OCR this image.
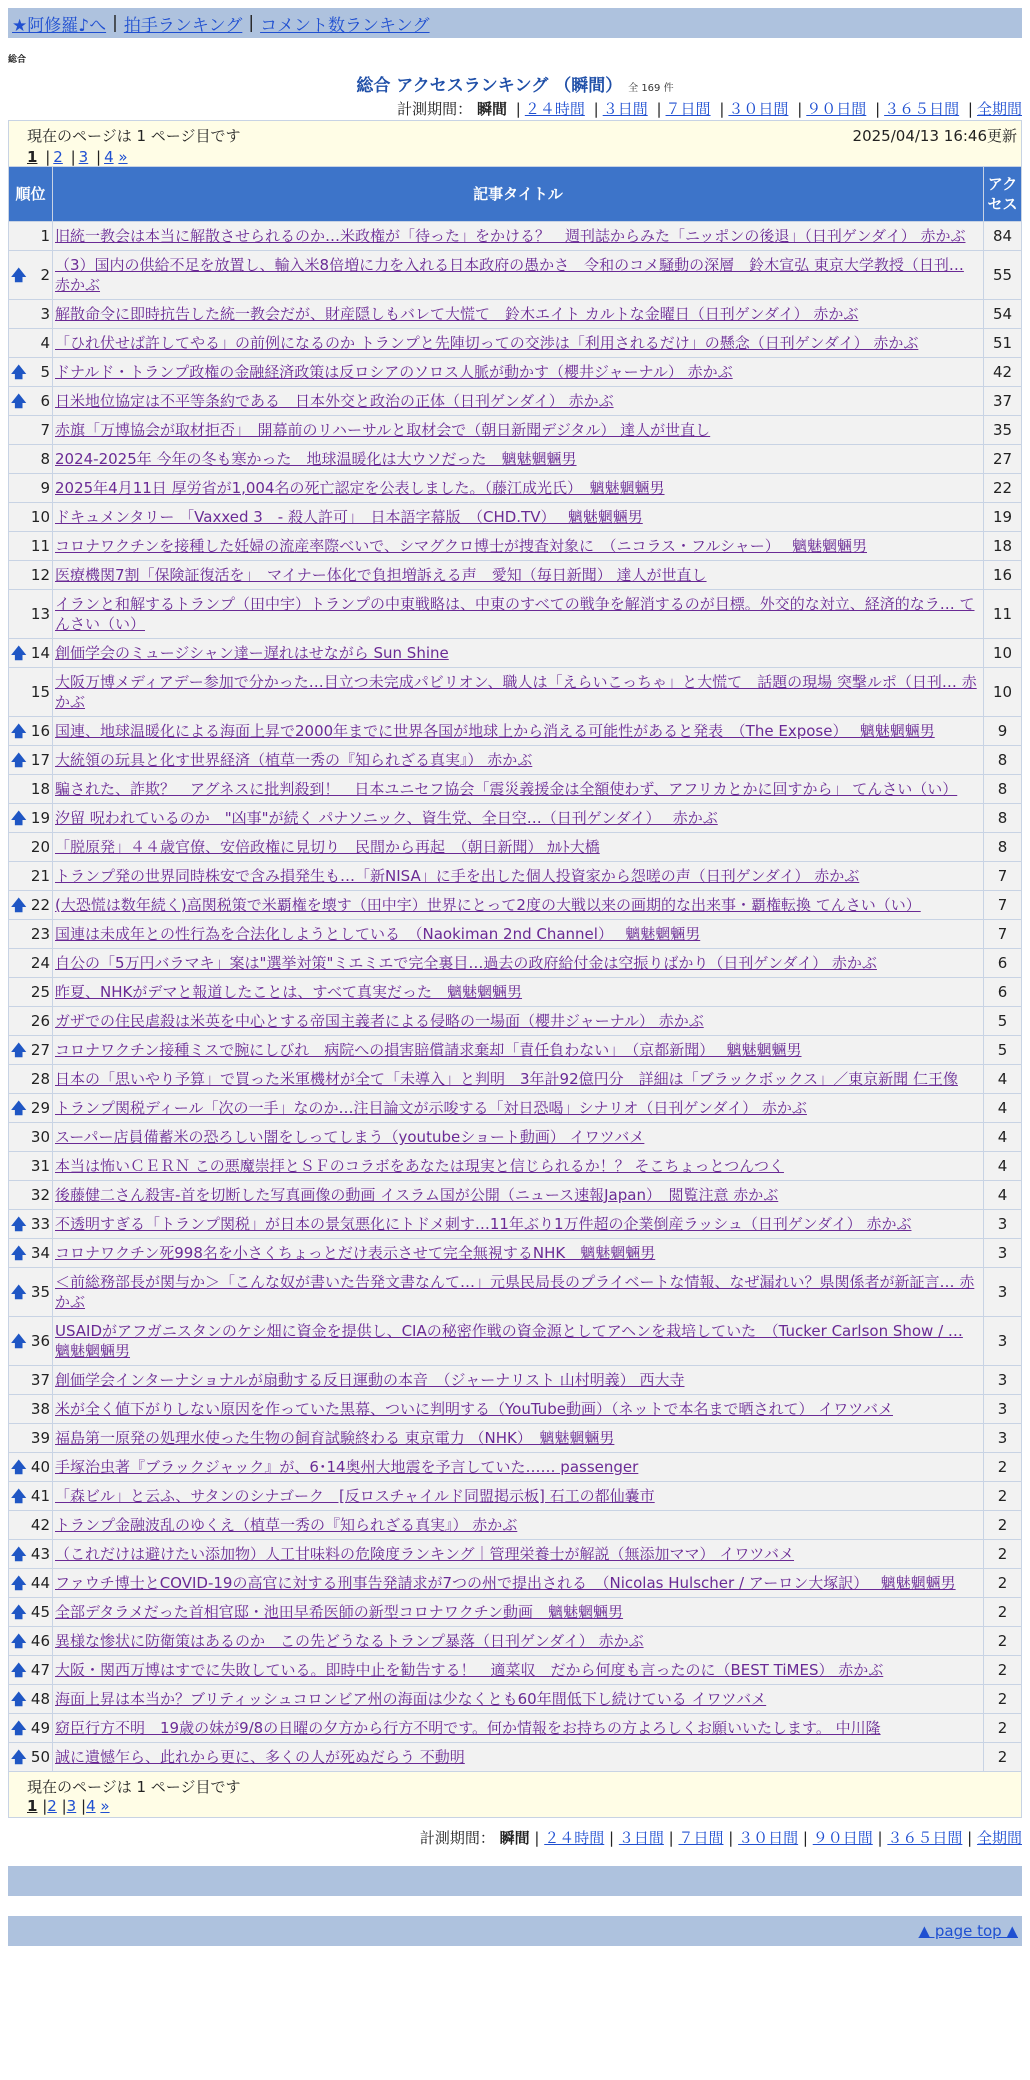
★阿修羅♪へ | 拍手ランキング | コメント数ランキング
総合
総合 アクセスランキング （瞬間） 全 169 件
計測期間： 瞬間 | ２４時間 | ３日間 | ７日間 | ３０日間 | ９０日間 | ３６５日間 | 全期間
現在のページは 1 ページ目です	2025/04/13 16:46更新
1 | 2 | 3 | 4 »
順位	記事タイトル	アクセス
1	旧統一教会は本当に解散させられるのか…米政権が「待った」をかける？　週刊誌からみた「ニッポンの後退」（日刊ゲンダイ） 赤かぶ	84

🡅 2	（3）国内の供給不足を放置し、輸入米8倍増に力を入れる日本政府の愚かさ　令和のコメ騒動の深層　鈴木宣弘 東京大学教授（日刊… 赤かぶ	55
3	解散命令に即時抗告した統一教会だが、財産隠しもバレて大慌て　鈴木エイト カルトな金曜日（日刊ゲンダイ） 赤かぶ	54
4	「ひれ伏せば許してやる」の前例になるのか トランプと先陣切っての交渉は「利用されるだけ」の懸念（日刊ゲンダイ） 赤かぶ	51

🡅 5	ドナルド・トランプ政権の金融経済政策は反ロシアのソロス人脈が動かす（櫻井ジャーナル） 赤かぶ	42

🡅 6	日米地位協定は不平等条約である　日本外交と政治の正体（日刊ゲンダイ） 赤かぶ	37
7	赤旗「万博協会が取材拒否」　開幕前のリハーサルと取材会で（朝日新聞デジタル） 達人が世直し	35
8	2024-2025年 今年の冬も寒かった　地球温暖化は大ウソだった　魑魅魍魎男	27
9	2025年4月11日 厚労省が1,004名の死亡認定を公表しました。（藤江成光氏）　魑魅魍魎男	22
10	ドキュメンタリー 「Vaxxed 3　- 殺人許可」　日本語字幕版　（CHD.TV）　 魑魅魍魎男	19
11	コロナワクチンを接種した妊婦の流産率際べいで、シマグクロ博士が捜査対象に　（ニコラス・フルシャー）　 魑魅魍魎男	18
12	医療機関7割「保険証復活を」　マイナー体化で負担増訴える声　愛知（毎日新聞） 達人が世直し	16
13	イランと和解するトランプ（田中宇）トランプの中東戦略は、中東のすべての戦争を解消するのが目標。外交的な対立、経済的なラ… てんさい（い）	11

🡅 14	創価学会のミュージシャン達ー遅れはせながら Sun Shine	10
15	大阪万博メディアデー参加で分かった…目立つ未完成パビリオン、職人は「えらいこっちゃ」と大慌て　話題の現場 突撃ルポ（日刊… 赤かぶ	10

🡅 16	国連、地球温暖化による海面上昇で2000年までに世界各国が地球上から消える可能性があると発表　（The Expose）　 魑魅魍魎男	9

🡅 17	大統領の玩具と化す世界経済（植草一秀の『知られざる真実』） 赤かぶ	8
18	騙された、詐欺？　アグネスに批判殺到！　日本ユニセフ協会「震災義援金は全額使わず、アフリカとかに回すから」 てんさい（い）	8

🡅 19	汐留 呪われているのか　"凶事"が続く パナソニック、資生党、全日空…（日刊ゲンダイ）　 赤かぶ	8
20	「脱原発」４４歳官僚、安倍政権に見切り　民間から再起　（朝日新聞） ｶﾙﾄ大橋	8
21	トランプ発の世界同時株安で含み損発生も…「新NISA」に手を出した個人投資家から怨嗟の声（日刊ゲンダイ） 赤かぶ	7

🡅 22	(大恐慌は数年続く)高関税策で米覇権を壊す（田中宇）世界にとって2度の大戦以来の画期的な出来事・覇権転換 てんさい（い）	7
23	国連は未成年との性行為を合法化しようとしている　（Naokiman 2nd Channel）　 魑魅魍魎男	7
24	自公の「5万円バラマキ」案は"選挙対策"ミエミエで完全裏目…過去の政府給付金は空振りばかり（日刊ゲンダイ） 赤かぶ	6
25	昨夏、NHKがデマと報道したことは、すべて真実だった　魑魅魍魎男	6
26	ガザでの住民虐殺は米英を中心とする帝国主義者による侵略の一場面（櫻井ジャーナル） 赤かぶ	5

🡅 27	コロナワクチン接種ミスで腕にしびれ　病院への損害賠償請求棄却「責任負わない」　（京都新聞）　 魑魅魍魎男	5
28	日本の「思いやり予算」で買った米軍機材が全て「未導入」と判明　3年計92億円分　詳細は「ブラックボックス」／東京新聞 仁王像	4

🡅 29	トランプ関税ディール「次の一手」なのか…注目論文が示唆する「対日恐喝」シナリオ（日刊ゲンダイ） 赤かぶ	4
30	スーパー店員備蓄米の恐ろしい闇をしってしまう（youtubeショート動画） イワツバメ	4
31	本当は怖いＣＥＲＮ この悪魔崇拝とＳＦのコラボをあなたは現実と信じられるか！？ そこちょっとつんつく	4
32	後藤健二さん殺害-首を切断した写真画像の動画 イスラム国が公開（ニュース速報Japan）　閲覧注意 赤かぶ	4

🡅 33	不透明すぎる「トランプ関税」が日本の景気悪化にトドメ刺す…11年ぶり1万件超の企業倒産ラッシュ（日刊ゲンダイ） 赤かぶ	3

🡅 34	コロナワクチン死998名を小さくちょっとだけ表示させて完全無視するNHK　魑魅魍魎男	3

🡅 35	＜前総務部長が関与か＞「こんな奴が書いた告発文書なんて…」元県民局長のプライベートな情報、なぜ漏れい？県関係者が新証言… 赤かぶ	3

🡅 36	USAIDがアフガニスタンのケシ畑に資金を提供し、CIAの秘密作戦の資金源としてアヘンを栽培していた　（Tucker Carlson Show / … 魑魅魍魎男	3
37	創価学会インターナショナルが扇動する反日運動の本音　（ジャーナリスト 山村明義） 西大寺	3
38	米が全く値下がりしない原因を作っていた黒幕、ついに判明する（YouTube動画）（ネットで本名まで晒されて） イワツバメ	3
39	福島第一原発の処理水使った生物の飼育試験終わる 東京電力 （NHK）　魑魅魍魎男	3

🡅 40	手塚治虫著『ブラックジャック』が、6･14奥州大地震を予言していた…… passenger	2

🡅 41	「森ビル」と云ふ、サタンのシナゴーク　[反ロスチャイルド同盟掲示板] 石工の都仙嚢市	2
42	トランプ金融波乱のゆくえ（植草一秀の『知られざる真実』） 赤かぶ	2

🡅 43	（これだけは避けたい添加物）人工甘味料の危険度ランキング｜管理栄養士が解説（無添加ママ） イワツバメ	2

🡅 44	ファウチ博士とCOVID-19の高官に対する刑事告発請求が7つの州で提出される　（Nicolas Hulscher / アーロン大塚訳）　 魑魅魍魎男	2

🡅 45	全部デタラメだった首相官邸・池田早希医師の新型コロナワクチン動画　魑魅魍魎男	2

🡅 46	異様な惨状に防衛策はあるのか　この先どうなるトランプ暴落（日刊ゲンダイ） 赤かぶ	2

🡅 47	大阪・関西万博はすでに失敗している。即時中止を勧告する！　適菜収　だから何度も言ったのに（BEST TiMES） 赤かぶ	2

🡅 48	海面上昇は本当か？ブリティッシュコロンビア州の海面は少なくとも60年間低下し続けている イワツバメ	2

🡅 49	窈臣行方不明　19歳の妹が9/8の日曜の夕方から行方不明です。何か情報をお持ちの方よろしくお願いいたします。 中川隆	2

🡅 50	誠に遺憾乍ら、此れから更に、多くの人が死ぬだらう 不動明	2
現在のページは 1 ページ目です
1 |2 |3 |4 »
計測期間： 瞬間 | ２４時間 | ３日間 | ７日間 | ３０日間 | ９０日間 | ３６５日間 | 全期間
▲ page top ▲
